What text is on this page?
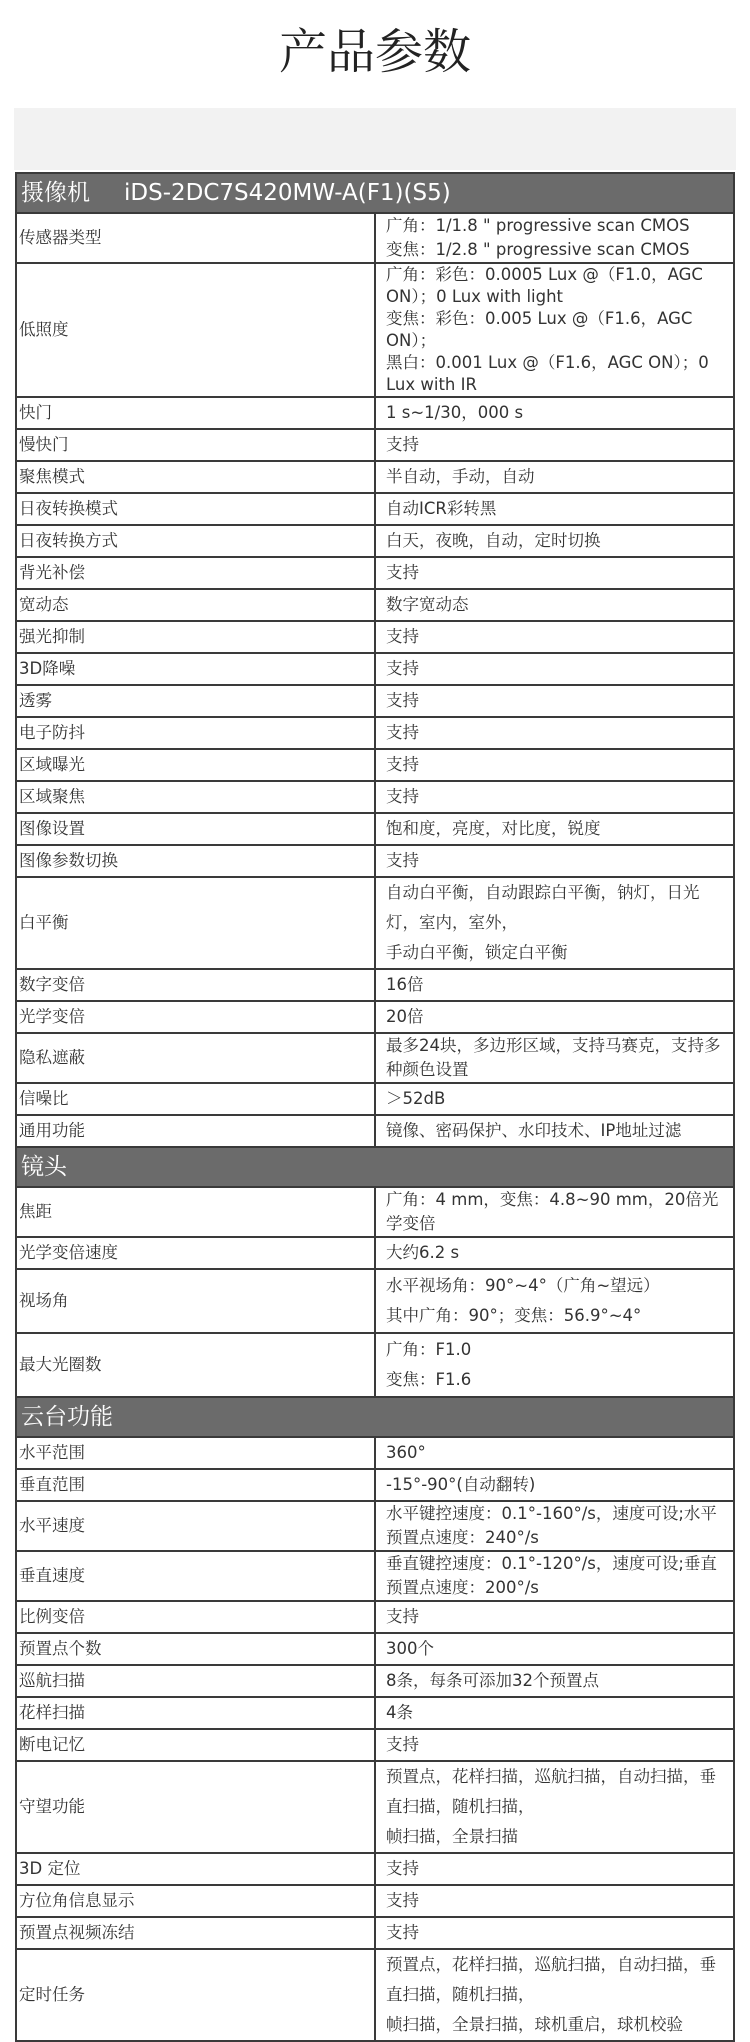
产品参数
摄像机 iDS-2DC7S420MW-A(F1)(S5)	
传感器类型	广角：1/1.8 " progressive scan CMOS
变焦：1/2.8 " progressive scan CMOS

低照度	广角：彩色：0.0005 Lux @（F1.0，AGC ON）；0 Lux with light
变焦：彩色：0.005 Lux @（F1.6，AGC ON）；
黑白：0.001 Lux @（F1.6，AGC ON）；0 Lux with IR

快门	1 s~1/30，000 s

慢快门	支持

聚焦模式	半自动，手动，自动

日夜转换模式	自动ICR彩转黑

日夜转换方式	白天，夜晚，自动，定时切换

背光补偿	支持

宽动态	数字宽动态

强光抑制	支持

3D降噪	支持

透雾	支持

电子防抖	支持

区域曝光	支持

区域聚焦	支持

图像设置	饱和度，亮度，对比度，锐度

图像参数切换	支持

白平衡	自动白平衡，自动跟踪白平衡，钠灯，日光灯，室内，室外，
手动白平衡，锁定白平衡

数字变倍	16倍

光学变倍	20倍

隐私遮蔽	最多24块，多边形区域，支持马赛克，支持多种颜色设置

信噪比	＞52dB

通用功能	镜像、密码保护、水印技术、IP地址过滤

镜头	
焦距	广角：4 mm，变焦：4.8~90 mm，20倍光学变倍

光学变倍速度	大约6.2 s

视场角	水平视场角：90°~4°（广角~望远）
其中广角：90°；变焦：56.9°~4°

最大光圈数	广角：F1.0
变焦：F1.6

云台功能	
水平范围	360°

垂直范围	-15°-90°(自动翻转)

水平速度	水平键控速度：0.1°-160°/s，速度可设;水平预置点速度：240°/s

垂直速度	垂直键控速度：0.1°-120°/s，速度可设;垂直预置点速度：200°/s

比例变倍	支持

预置点个数	300个

巡航扫描	8条，每条可添加32个预置点

花样扫描	4条

断电记忆	支持

守望功能	预置点，花样扫描，巡航扫描，自动扫描，垂直扫描，随机扫描，
帧扫描，全景扫描

3D 定位	支持

方位角信息显示	支持

预置点视频冻结	支持

定时任务	预置点，花样扫描，巡航扫描，自动扫描，垂直扫描，随机扫描，
帧扫描，全景扫描，球机重启，球机校验
